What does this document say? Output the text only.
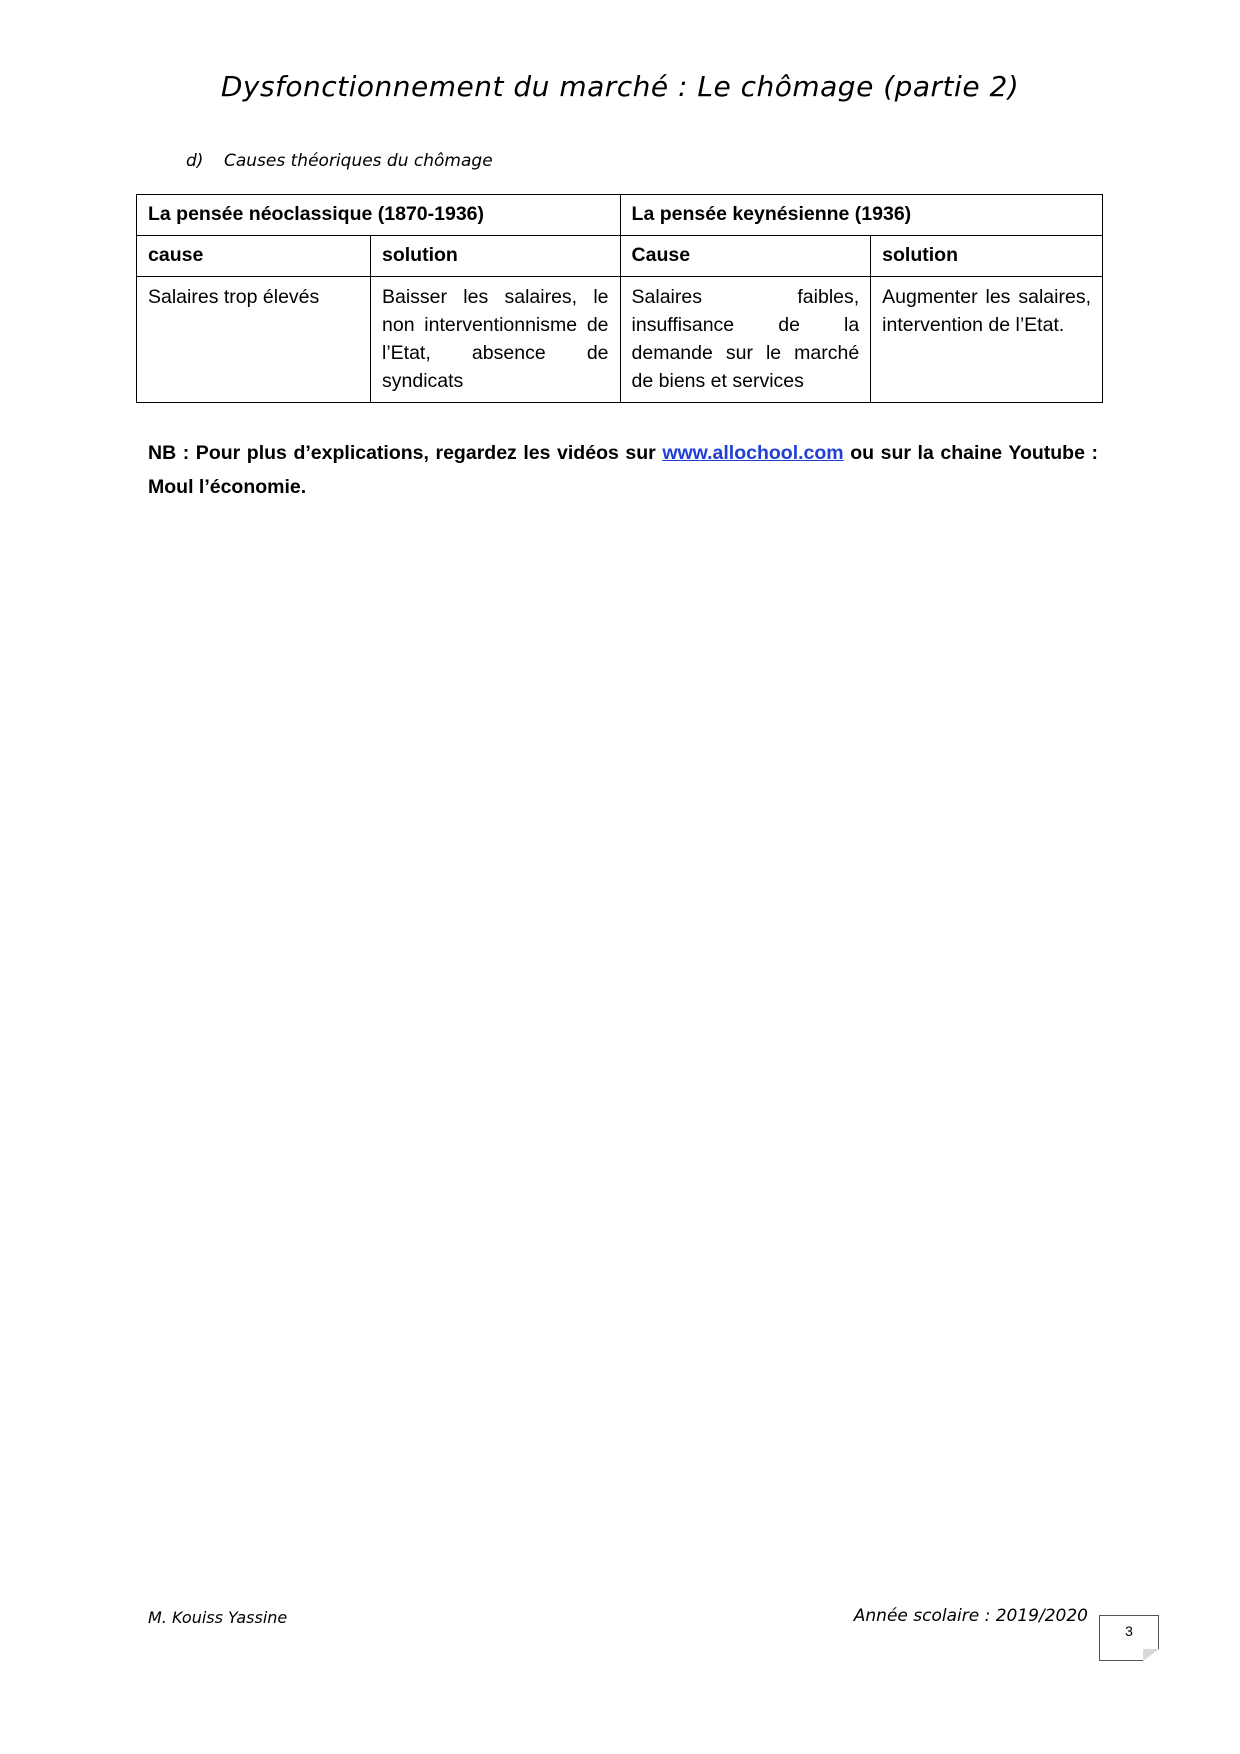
Dysfonctionnement du marché : Le chômage (partie 2)
d) Causes théoriques du chômage
La pensée néoclassique (1870-1936)		La pensée keynésienne (1936)	
cause	solution	Cause	solution
Salaires trop élevés	Baisser les salaires, le non interventionnisme de l’Etat, absence de syndicats	Salaires faibles, insuffisance de la demande sur le marché de biens et services	Augmenter les salaires, intervention de l’Etat.
NB : Pour plus d’explications, regardez les vidéos sur www.allochool.com ou sur la chaine Youtube : Moul l’économie.
M. Kouiss Yassine	Année scolaire : 2019/2020
3
